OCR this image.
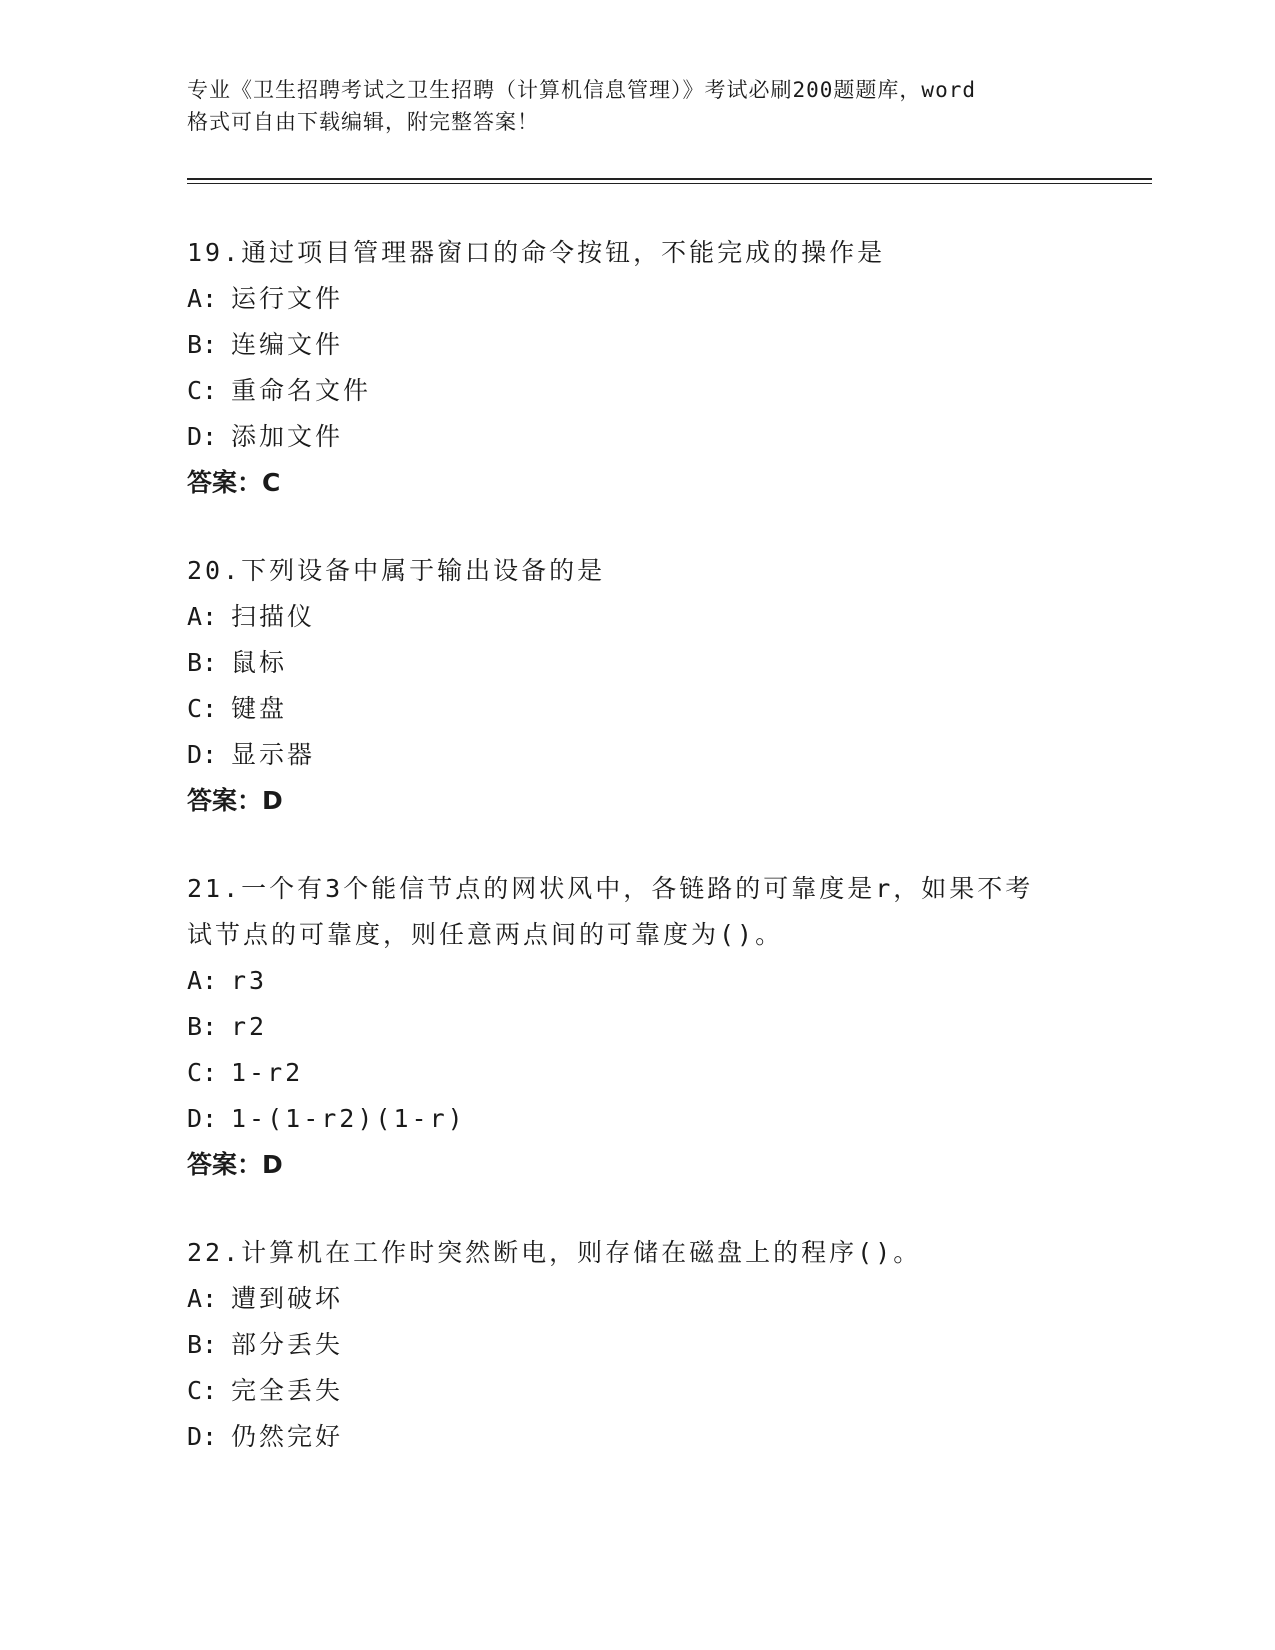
专业《卫生招聘考试之卫生招聘（计算机信息管理）》考试必刷200题题库，word
格式可自由下载编辑，附完整答案！
19.通过项目管理器窗口的命令按钮，不能完成的操作是
A: 运行文件
B: 连编文件
C: 重命名文件
D: 添加文件
答案：C
20.下列设备中属于输出设备的是
A: 扫描仪
B: 鼠标
C: 键盘
D: 显示器
答案：D
21.一个有3个能信节点的网状风中，各链路的可靠度是r，如果不考
试节点的可靠度，则任意两点间的可靠度为()。
A: r3
B: r2
C: 1-r2
D: 1-(1-r2)(1-r)
答案：D
22.计算机在工作时突然断电，则存储在磁盘上的程序()。
A: 遭到破坏
B: 部分丢失
C: 完全丢失
D: 仍然完好
